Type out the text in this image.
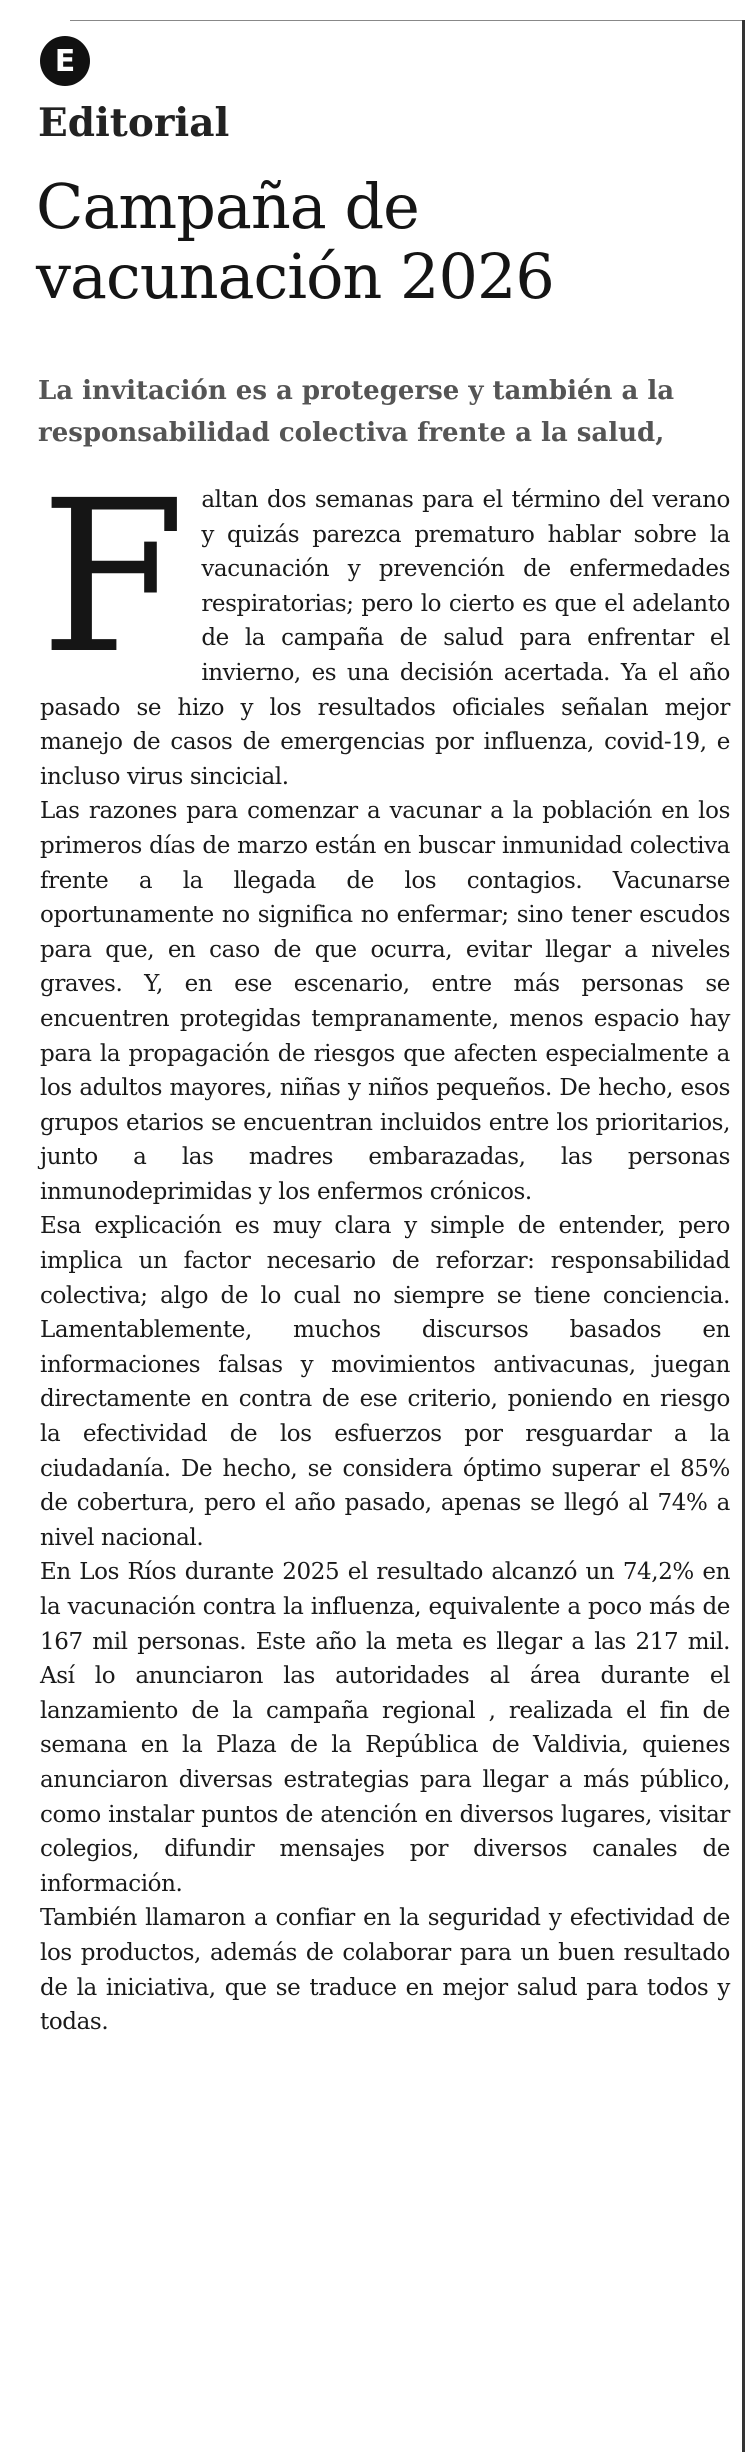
E
Editorial
Campaña de vacunación 2026
La invitación es a protegerse y también a la responsabilidad colectiva frente a la salud,

Faltan dos semanas para el término del verano y quizás parezca prematuro hablar sobre la vacunación y prevención de enfermedades respiratorias; pero lo cierto es que el adelanto de la campaña de salud para enfrentar el invierno, es una decisión acertada. Ya el año pasado se hizo y los resultados oficiales señalan mejor manejo de casos de emergencias por influenza, covid-19, e incluso virus sincicial.

Las razones para comenzar a vacunar a la población en los primeros días de marzo están en buscar inmunidad colectiva frente a la llegada de los contagios. Vacunarse oportunamente no significa no enfermar; sino tener escudos para que, en caso de que ocurra, evitar llegar a niveles graves. Y, en ese escenario, entre más personas se encuentren protegidas tempranamente, menos espacio hay para la propagación de riesgos que afecten especialmente a los adultos mayores, niñas y niños pequeños. De hecho, esos grupos etarios se encuentran incluidos entre los prioritarios, junto a las madres embarazadas, las personas inmunodeprimidas y los enfermos crónicos.

Esa explicación es muy clara y simple de entender, pero implica un factor necesario de reforzar: responsabilidad colectiva; algo de lo cual no siempre se tiene conciencia. Lamentablemente, muchos discursos basados en informaciones falsas y movimientos antivacunas, juegan directamente en contra de ese criterio, poniendo en riesgo la efectividad de los esfuerzos por resguardar a la ciudadanía. De hecho, se considera óptimo superar el 85% de cobertura, pero el año pasado, apenas se llegó al 74% a nivel nacional.

En Los Ríos durante 2025 el resultado alcanzó un 74,2% en la vacunación contra la influenza, equivalente a poco más de 167 mil personas. Este año la meta es llegar a las 217 mil. Así lo anunciaron las autoridades al área durante el lanzamiento de la campaña regional , realizada el fin de semana en la Plaza de la República de Valdivia, quienes anunciaron diversas estrategias para llegar a más público, como instalar puntos de atención en diversos lugares, visitar colegios, difundir mensajes por diversos canales de información.

También llamaron a confiar en la seguridad y efectividad de los productos, además de colaborar para un buen resultado de la iniciativa, que se traduce en mejor salud para todos y todas.
